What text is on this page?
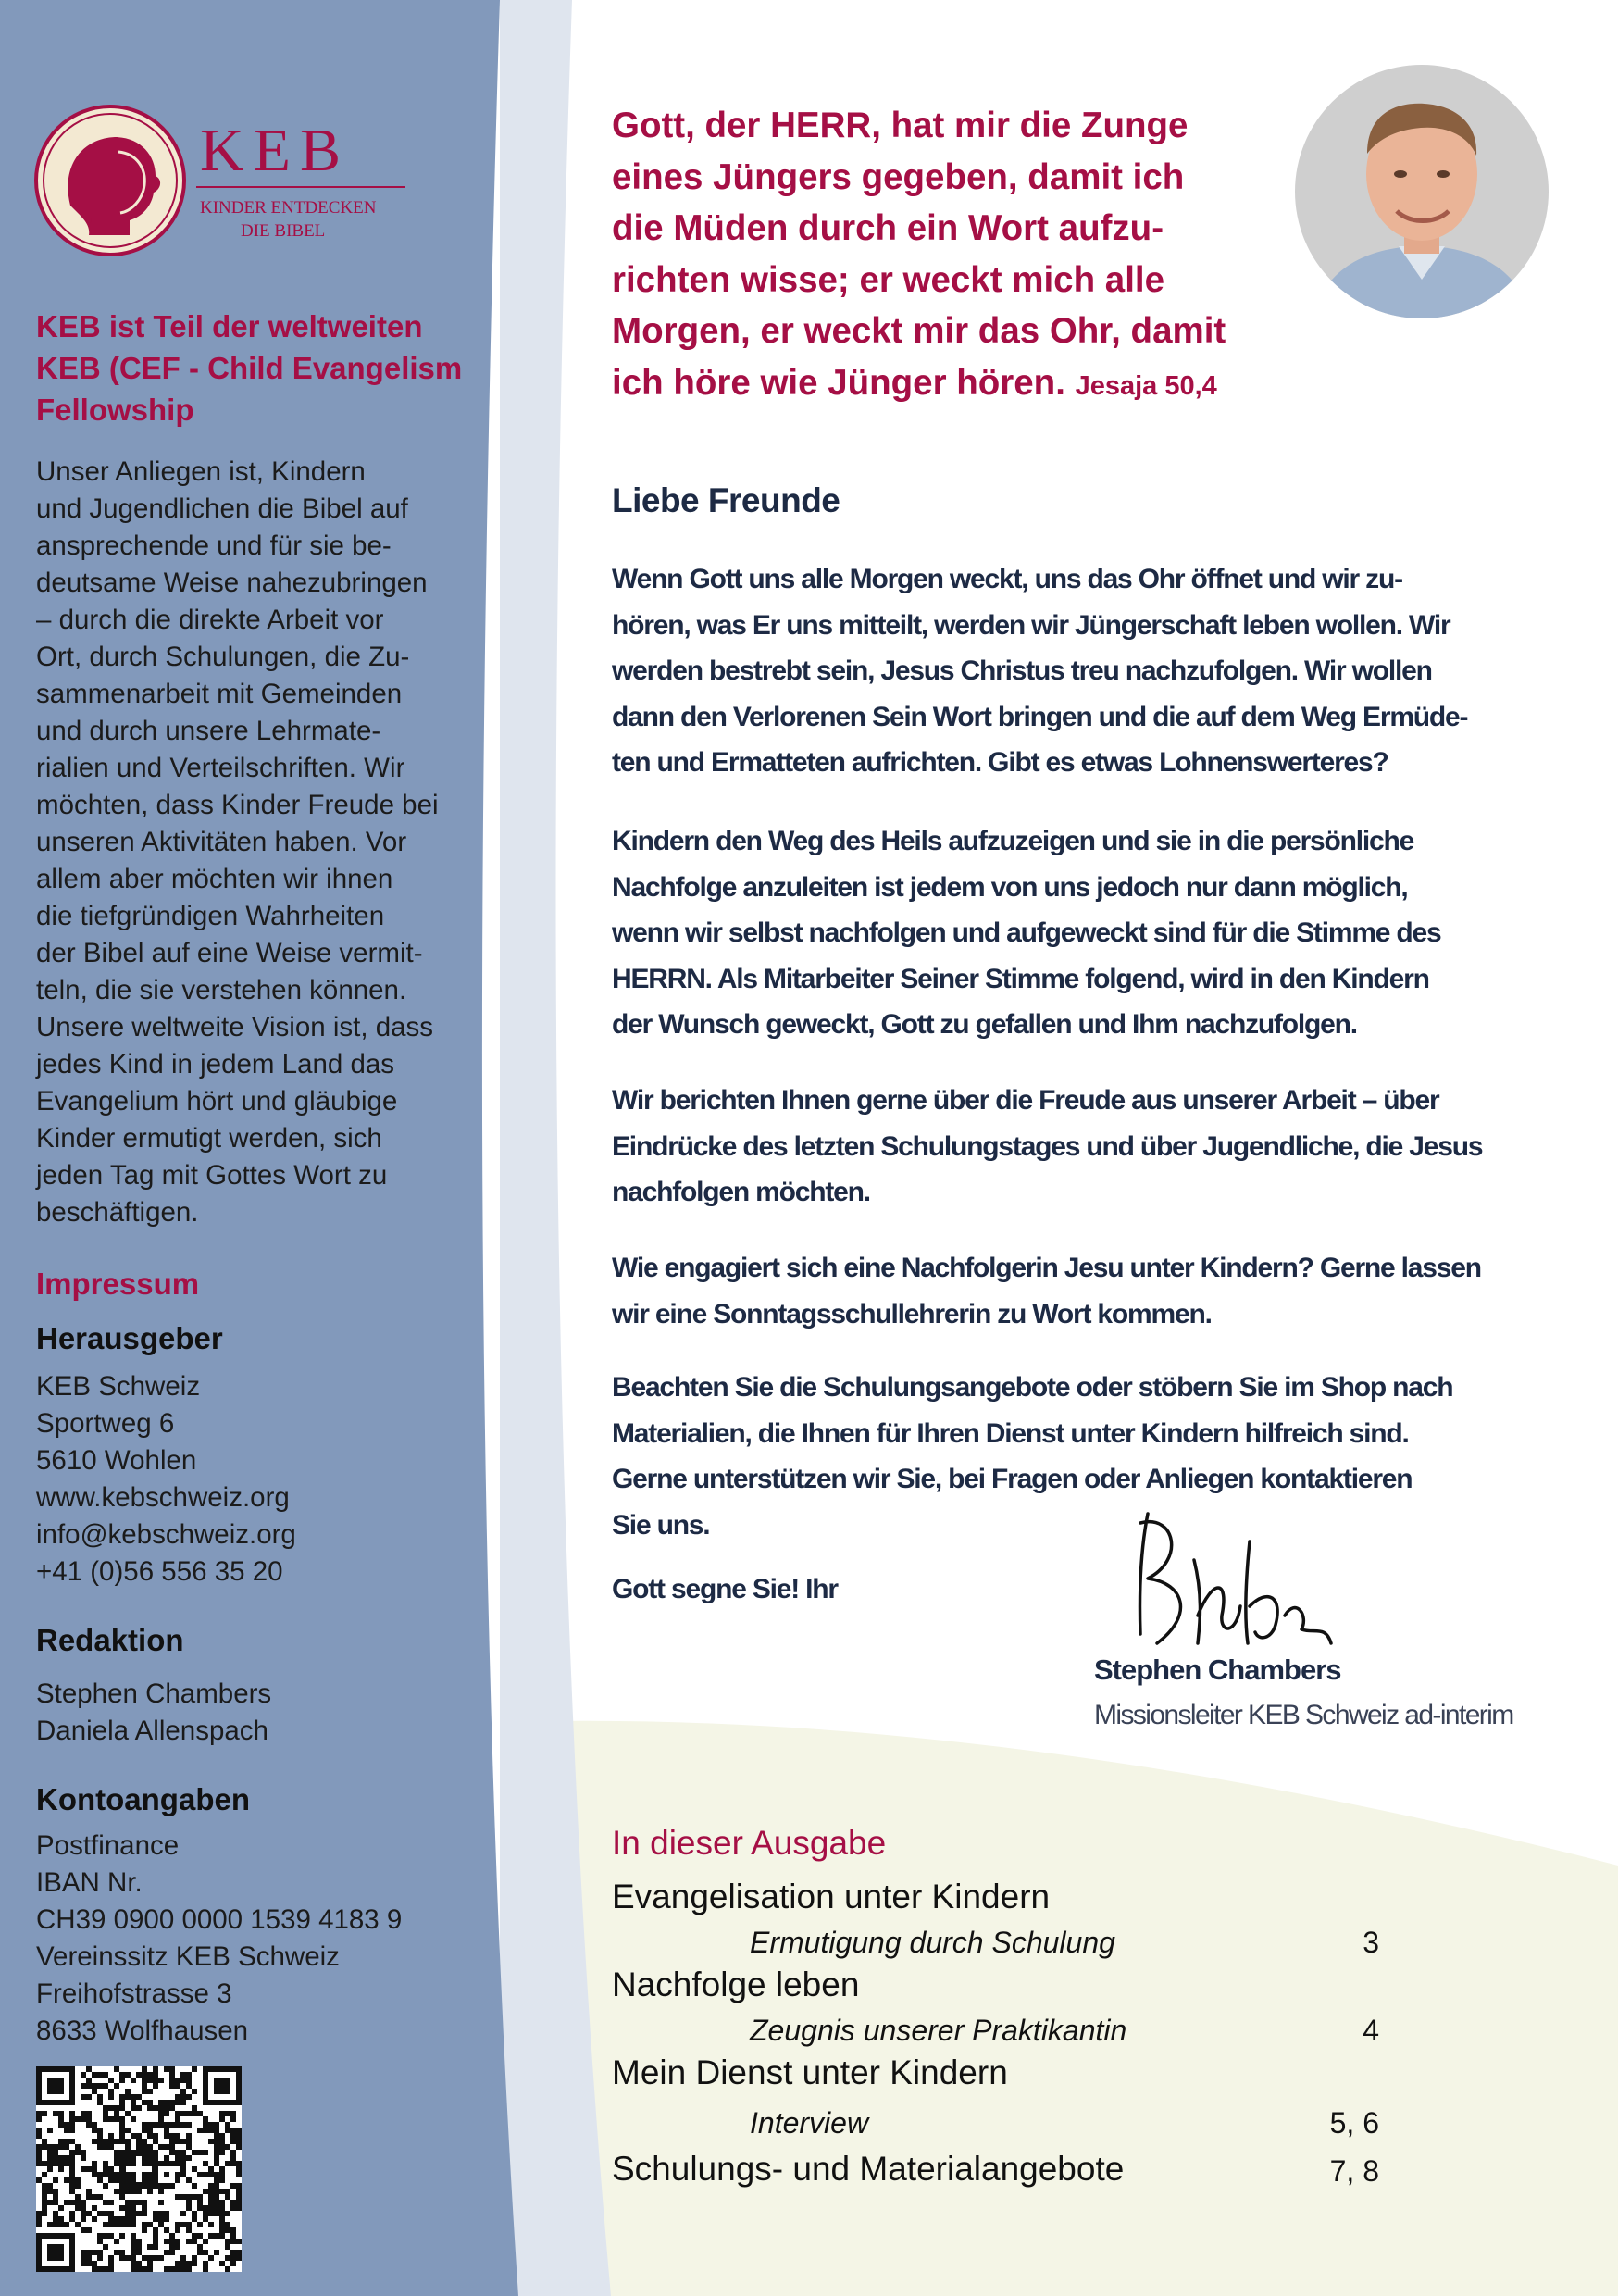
KEB
KINDER ENTDECKEN
DIE BIBEL
KEB ist Teil der weltweiten
KEB (CEF - Child Evangelism
Fellowship
Unser Anliegen ist, Kindern
und Jugendlichen die Bibel auf
ansprechende und für sie be-
deutsame Weise nahezubringen
– durch die direkte Arbeit vor
Ort, durch Schulungen, die Zu-
sammenarbeit mit Gemeinden
und durch unsere Lehrmate-
rialien und Verteilschriften. Wir
möchten, dass Kinder Freude bei
unseren Aktivitäten haben. Vor
allem aber möchten wir ihnen
die tiefgründigen Wahrheiten
der Bibel auf eine Weise vermit-
teln, die sie verstehen können.
Unsere weltweite Vision ist, dass
jedes Kind in jedem Land das
Evangelium hört und gläubige
Kinder ermutigt werden, sich
jeden Tag mit Gottes Wort zu
beschäftigen.
Impressum
Herausgeber
KEB Schweiz
Sportweg 6
5610 Wohlen
www.kebschweiz.org
info@kebschweiz.org
+41 (0)56 556 35 20
Redaktion
Stephen Chambers
Daniela Allenspach
Kontoangaben
Postfinance
IBAN Nr.
CH39 0900 0000 1539 4183 9
Vereinssitz KEB Schweiz
Freihofstrasse 3
8633 Wolfhausen
Gott, der HERR, hat mir die Zunge
eines Jüngers gegeben, damit ich
die Müden durch ein Wort aufzu-
richten wisse; er weckt mich alle
Morgen, er weckt mir das Ohr, damit
ich höre wie Jünger hören. Jesaja 50,4
Liebe Freunde
Wenn Gott uns alle Morgen weckt, uns das Ohr öffnet und wir zu-
hören, was Er uns mitteilt, werden wir Jüngerschaft leben wollen. Wir
werden bestrebt sein, Jesus Christus treu nachzufolgen. Wir wollen
dann den Verlorenen Sein Wort bringen und die auf dem Weg Ermüde-
ten und Ermatteten aufrichten. Gibt es etwas Lohnenswerteres?
Kindern den Weg des Heils aufzuzeigen und sie in die persönliche
Nachfolge anzuleiten ist jedem von uns jedoch nur dann möglich,
wenn wir selbst nachfolgen und aufgeweckt sind für die Stimme des
HERRN. Als Mitarbeiter Seiner Stimme folgend, wird in den Kindern
der Wunsch geweckt, Gott zu gefallen und Ihm nachzufolgen.
Wir berichten Ihnen gerne über die Freude aus unserer Arbeit – über
Eindrücke des letzten Schulungstages und über Jugendliche, die Jesus
nachfolgen möchten.
Wie engagiert sich eine Nachfolgerin Jesu unter Kindern? Gerne lassen
wir eine Sonntagsschullehrerin zu Wort kommen.
Beachten Sie die Schulungsangebote oder stöbern Sie im Shop nach
Materialien, die Ihnen für Ihren Dienst unter Kindern hilfreich sind.
Gerne unterstützen wir Sie, bei Fragen oder Anliegen kontaktieren
Sie uns.
Gott segne Sie! Ihr
Stephen Chambers
Missionsleiter KEB Schweiz ad-interim
In dieser Ausgabe
Evangelisation unter Kindern
Ermutigung durch Schulung	3
Nachfolge leben
Zeugnis unserer Praktikantin	4
Mein Dienst unter Kindern
Interview	5, 6
Schulungs- und Materialangebote	7, 8
